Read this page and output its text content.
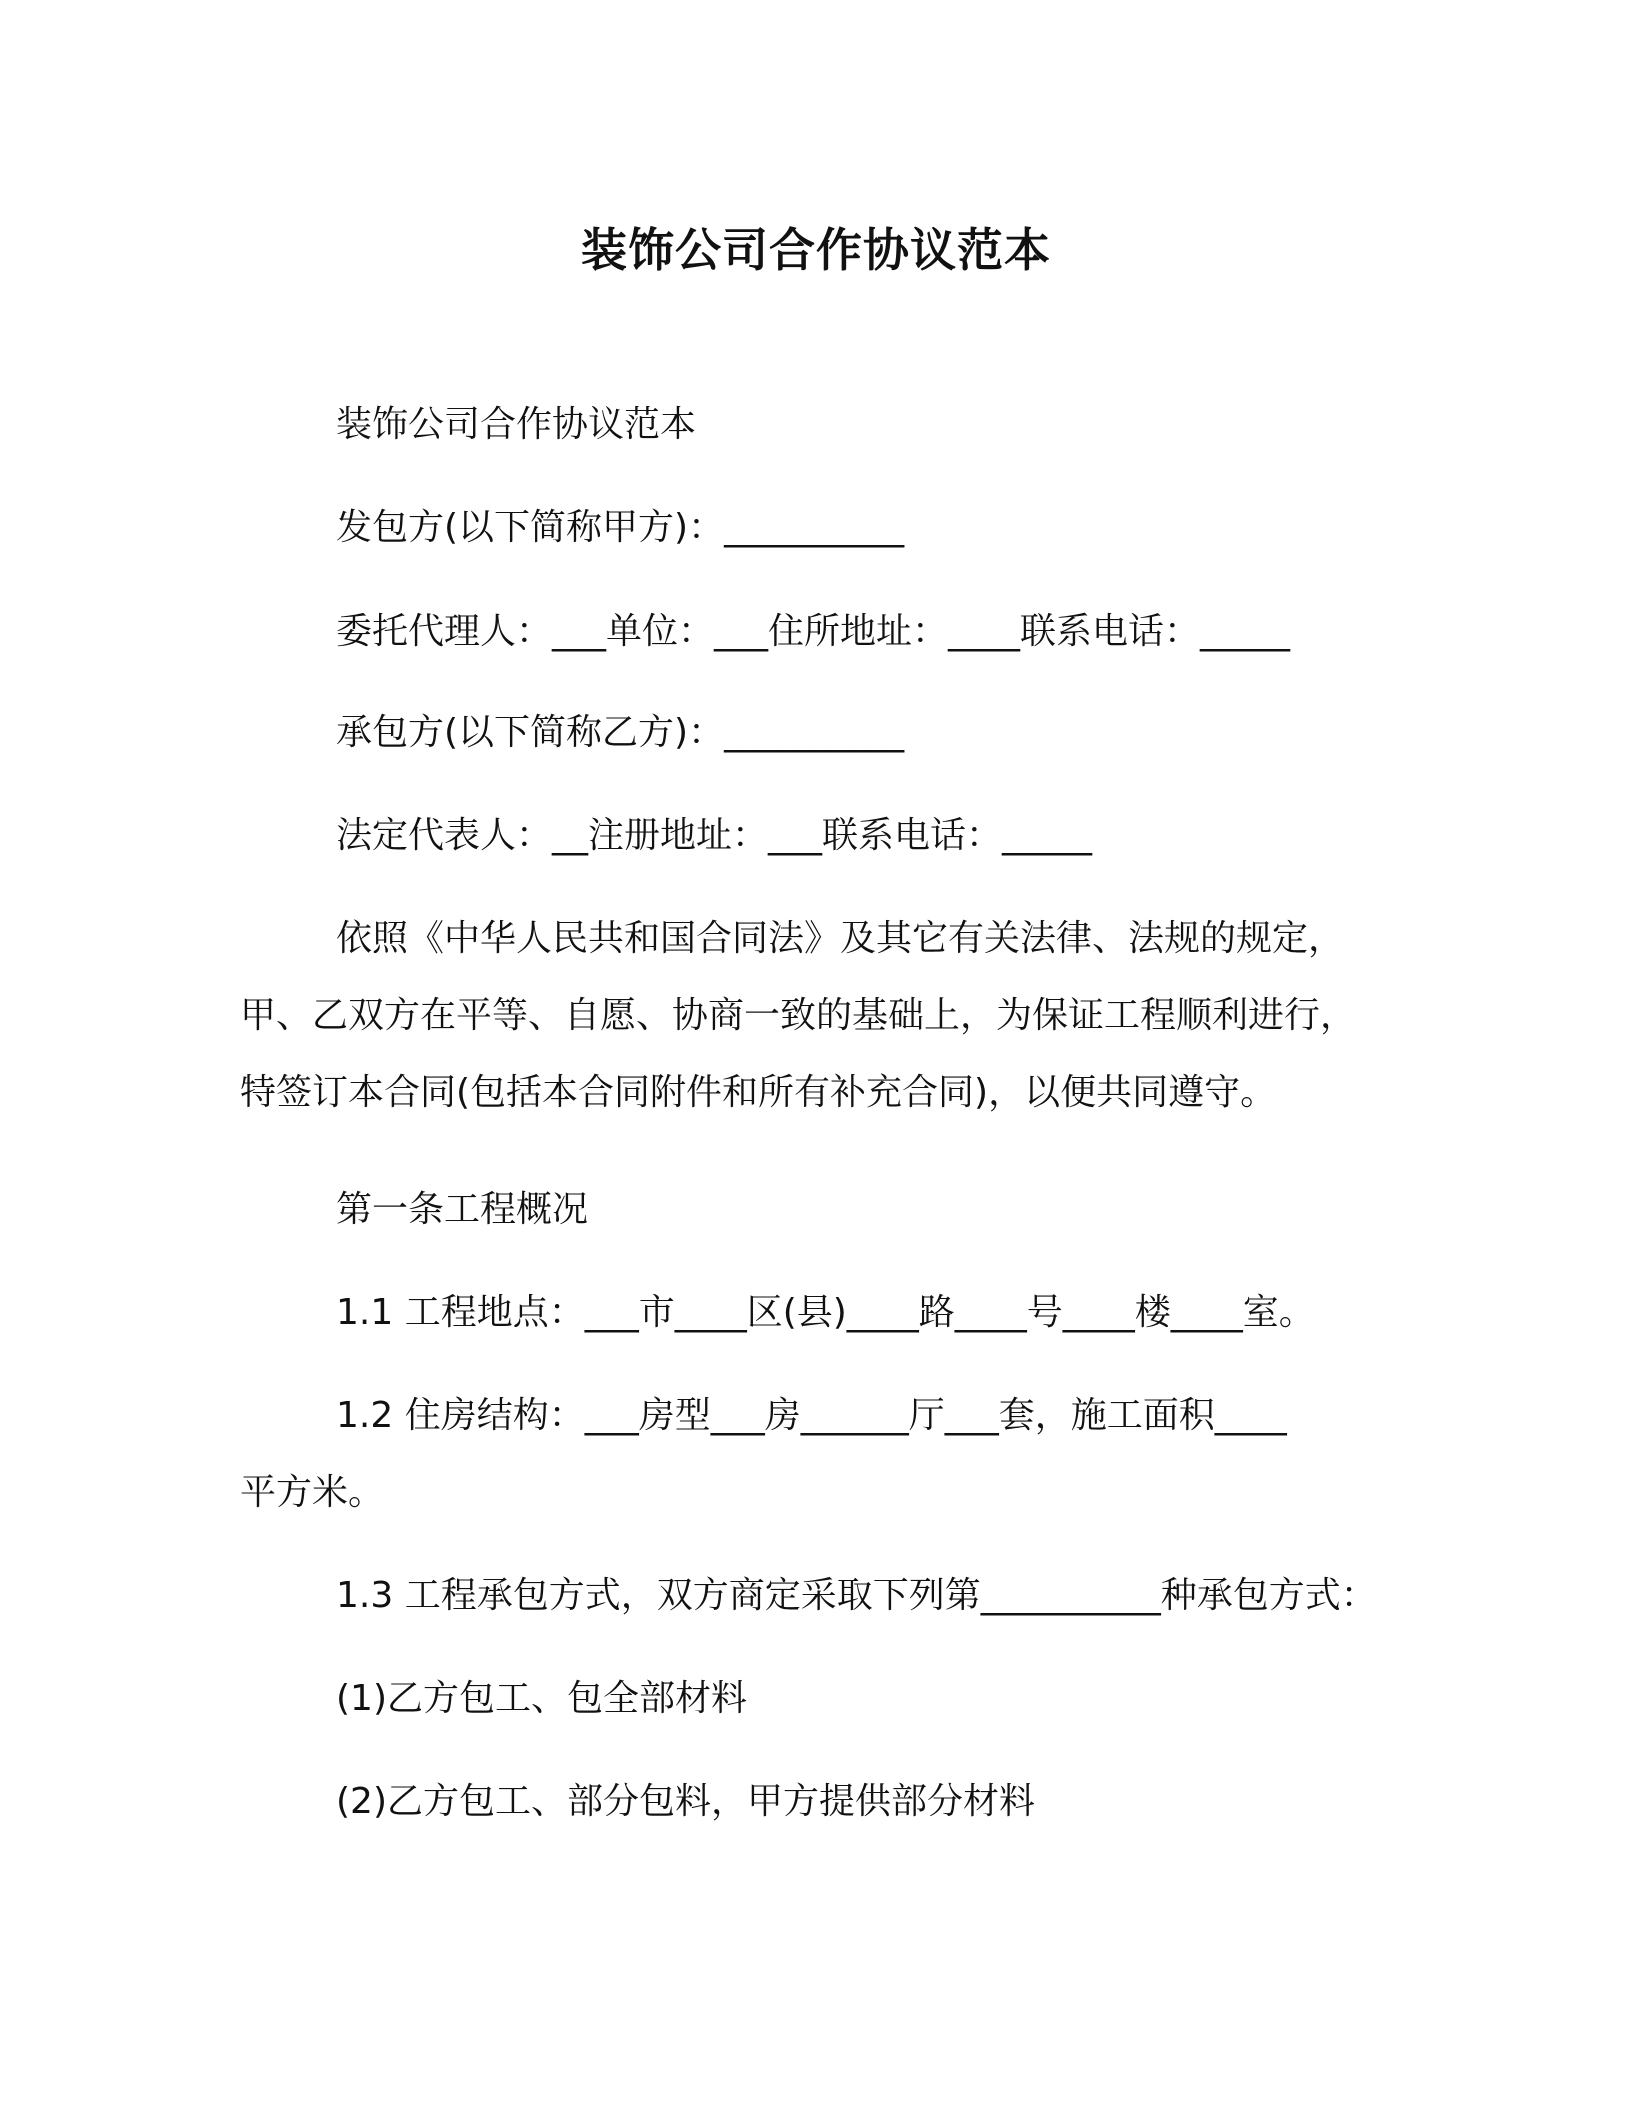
装饰公司合作协议范本
装饰公司合作协议范本
发包方(以下简称甲方)：__________
委托代理人：___单位：___住所地址：____联系电话：_____
承包方(以下简称乙方)：__________
法定代表人：__注册地址：___联系电话：_____
依照《中华人民共和国合同法》及其它有关法律、法规的规定，
甲、乙双方在平等、自愿、协商一致的基础上，为保证工程顺利进行，
特签订本合同(包括本合同附件和所有补充合同)，以便共同遵守。
第一条工程概况
1.1 工程地点：___市____区(县)____路____号____楼____室。
1.2 住房结构：___房型___房______厅___套，施工面积____
平方米。
1.3 工程承包方式，双方商定采取下列第__________种承包方式：
(1)乙方包工、包全部材料
(2)乙方包工、部分包料，甲方提供部分材料
